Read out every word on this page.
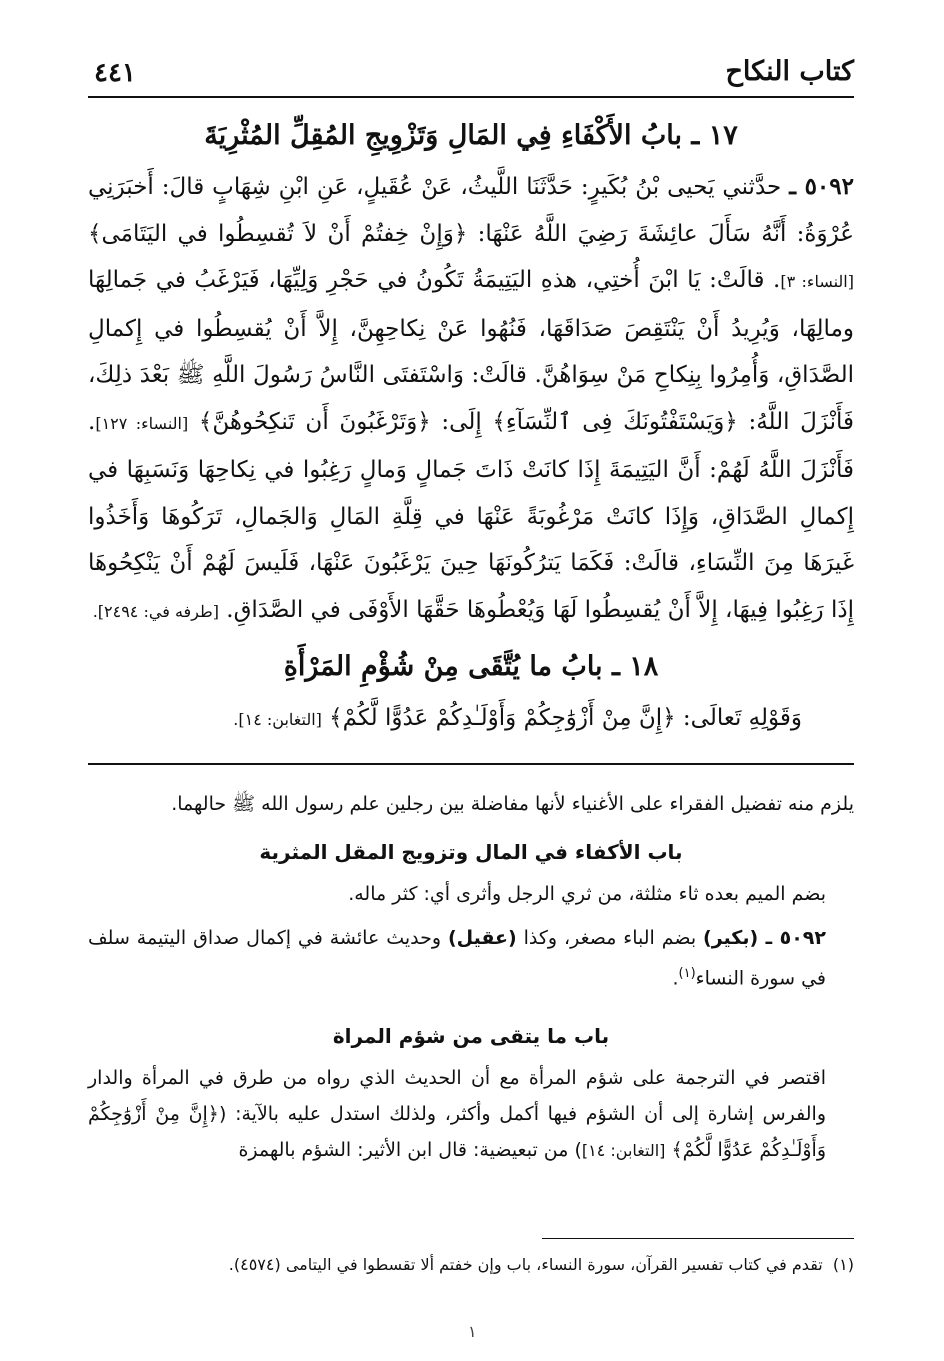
كتاب النكاح
٤٤١

١٧ ـ بابُ الأَكْفَاءِ فِي المَالِ وَتَزْوِيجِ المُقِلِّ المُثْرِيَةَ

٥٠٩٢ ـ حدَّثني يَحيى بْنُ بُكَيرٍ: حَدَّثَنَا اللَّيثُ، عَنْ عُقَيلٍ، عَنِ ابْنِ شِهَابٍ قالَ: أَخبَرَنِي عُرْوَةُ: أَنَّهُ سَأَلَ عائِشَةَ رَضِيَ اللَّهُ عَنْهَا: ﴿وَإِنْ خِفتُمْ أَنْ لاَ تُقسِطُوا في اليَتَامَى﴾ [النساء: ٣]. قالَتْ: يَا ابْنَ أُختِي، هذهِ اليَتِيمَةُ تَكُونُ في حَجْرِ وَلِيِّهَا، فَيَرْغَبُ في جَمالِهَا ومالِهَا، وَيُرِيدُ أَنْ يَنْتَقِصَ صَدَاقَهَا، فَنُهُوا عَنْ نِكاحِهِنَّ، إِلاَّ أَنْ يُقسِطُوا في إِكمالِ الصَّدَاقِ، وَأُمِرُوا بِنِكاحِ مَنْ سِوَاهُنَّ. قالَتْ: وَاسْتَفتَى النَّاسُ رَسُولَ اللَّهِ ﷺ بَعْدَ ذلِكَ، فَأَنْزَلَ اللَّهُ: ﴿وَيَسْتَفْتُونَكَ فِى ٱلنِّسَآءِ﴾ إِلَى: ﴿وَتَرْغَبُونَ أَن تَنكِحُوهُنَّ﴾ [النساء: ١٢٧]. فَأَنْزَلَ اللَّهُ لَهُمْ: أَنَّ اليَتِيمَةَ إِذَا كانَتْ ذَاتَ جَمالٍ وَمالٍ رَغِبُوا في نِكاحِهَا وَنَسَبِهَا في إِكمالِ الصَّدَاقِ، وَإِذَا كانَتْ مَرْغُوبَةً عَنْهَا في قِلَّةِ المَالِ وَالجَمالِ، تَرَكُوهَا وَأَخَذُوا غَيرَهَا مِنَ النِّسَاءِ، قالَتْ: فَكَمَا يَترُكُونَهَا حِينَ يَرْغَبُونَ عَنْهَا، فَلَيسَ لَهُمْ أَنْ يَنْكِحُوهَا إِذَا رَغِبُوا فِيهَا، إِلاَّ أَنْ يُقسِطُوا لَهَا وَيُعْطُوهَا حَقَّهَا الأَوْفَى في الصَّدَاقِ. [طرفه في: ٢٤٩٤].

١٨ ـ بابُ ما يُتَّقَى مِنْ شُؤْمِ المَرْأَةِ

وَقَوْلِهِ تَعالَى: ﴿إِنَّ مِنْ أَزْوَٰجِكُمْ وَأَوْلَـٰدِكُمْ عَدُوًّا لَّكُمْ﴾ [التغابن: ١٤].

يلزم منه تفضيل الفقراء على الأغنياء لأنها مفاضلة بين رجلين علم رسول الله ﷺ حالهما.

باب الأكفاء في المال وتزويج المقل المثرية

بضم الميم بعده ثاء مثلثة، من ثري الرجل وأثرى أي: كثر ماله.

٥٠٩٢ ـ (بكير) بضم الباء مصغر، وكذا (عقيل) وحديث عائشة في إكمال صداق اليتيمة سلف في سورة النساء$^{(١)}$.

باب ما يتقى من شؤم المراة

اقتصر في الترجمة على شؤم المرأة مع أن الحديث الذي رواه من طرق في المرأة والدار والفرس إشارة إلى أن الشؤم فيها أكمل وأكثر، ولذلك استدل عليه بالآية: (﴿إِنَّ مِنْ أَزْوَٰجِكُمْ وَأَوْلَـٰدِكُمْ عَدُوًّا لَّكُمْ﴾ [التغابن: ١٤]) من تبعيضية: قال ابن الأثير: الشؤم بالهمزة

(١)  تقدم في كتاب تفسير القرآن، سورة النساء، باب وإن خفتم ألا تقسطوا في اليتامى (٤٥٧٤).

١
